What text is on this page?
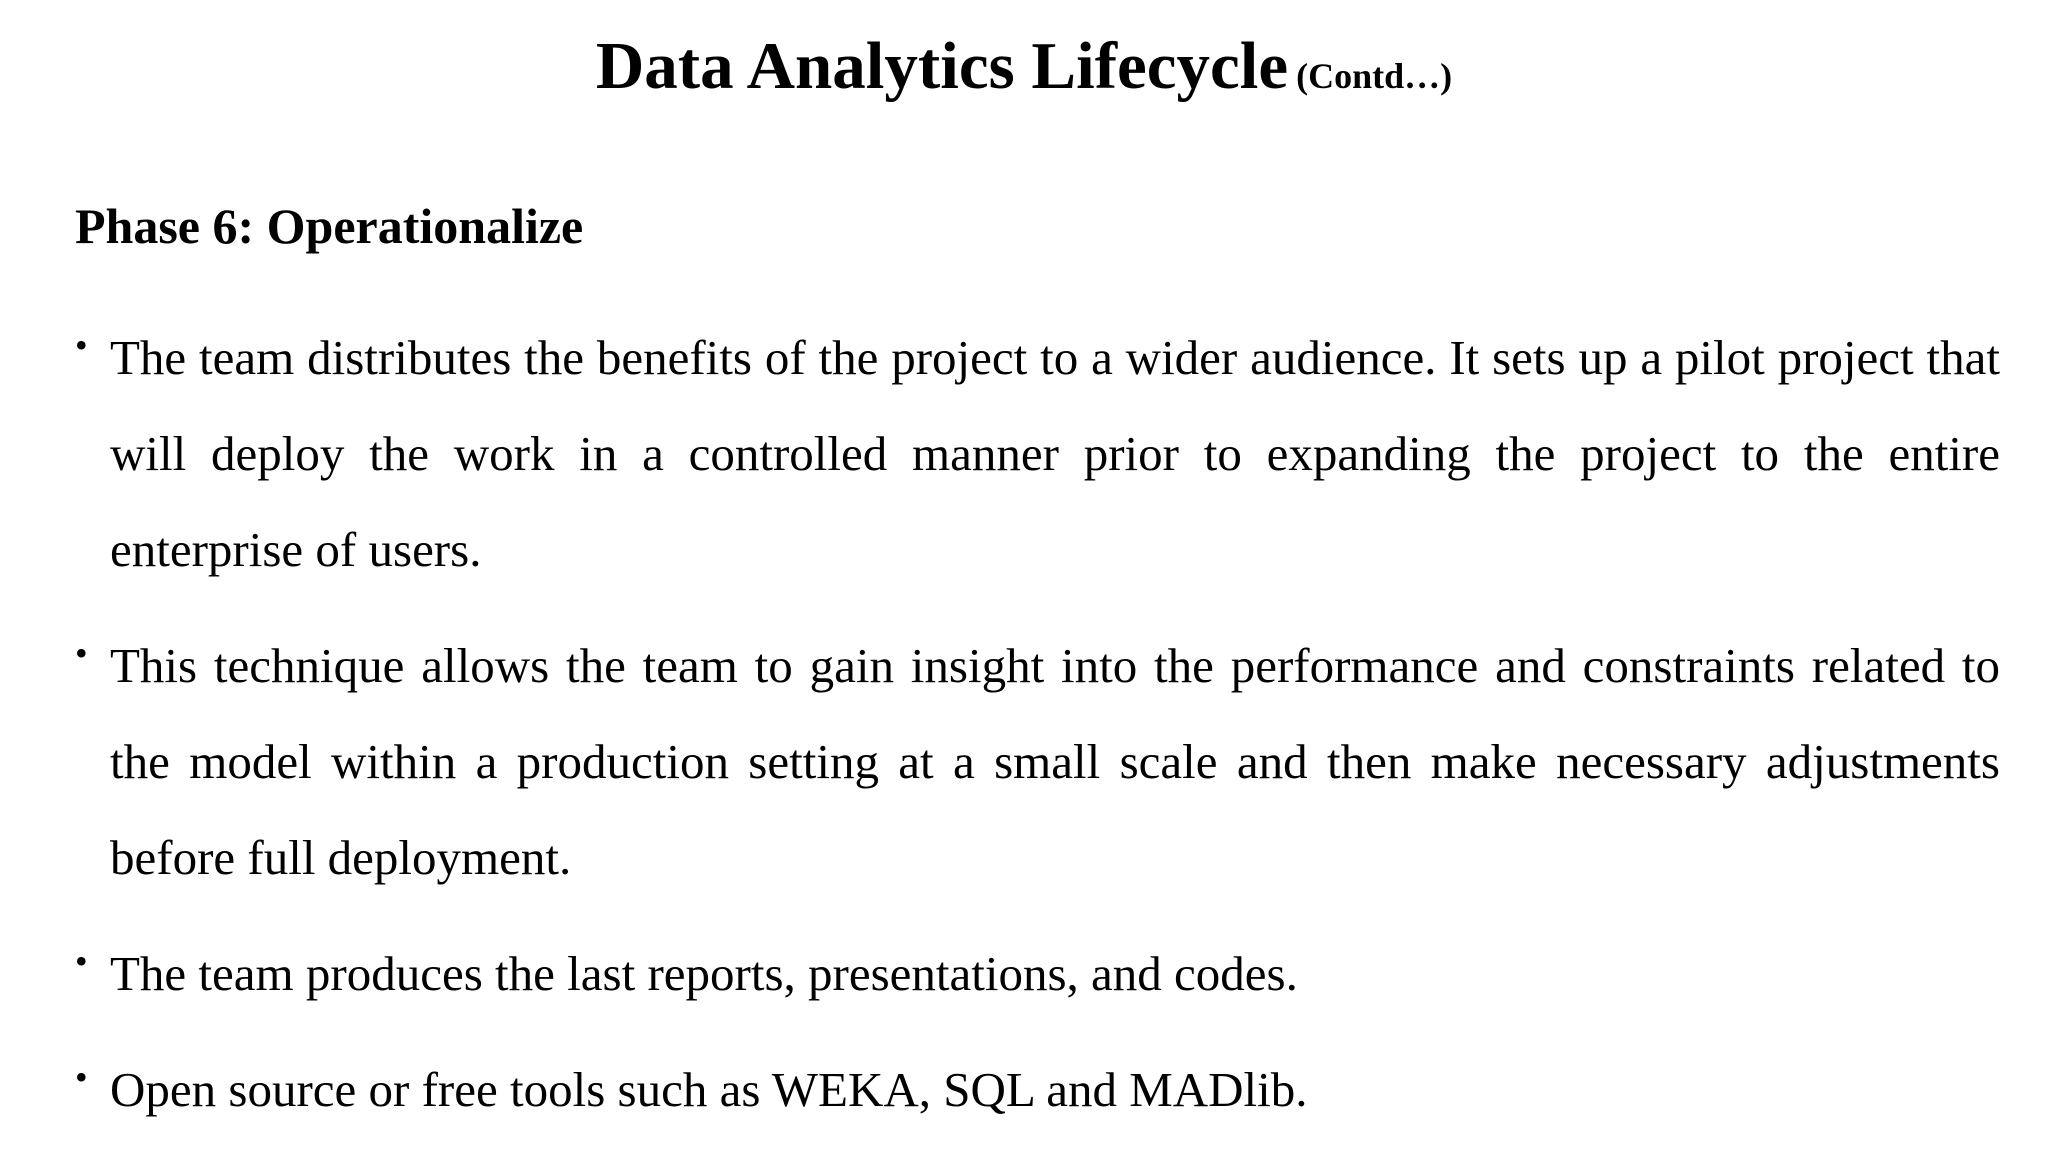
Data Analytics Lifecycle (Contd…)
Phase 6: Operationalize
• The team distributes the benefits of the project to a wider audience. It sets up a pilot project that will deploy the work in a controlled manner prior to expanding the project to the entire enterprise of users.
• This technique allows the team to gain insight into the performance and constraints related to the model within a production setting at a small scale and then make necessary adjustments before full deployment.
• The team produces the last reports, presentations, and codes.
• Open source or free tools such as WEKA, SQL and MADlib.
